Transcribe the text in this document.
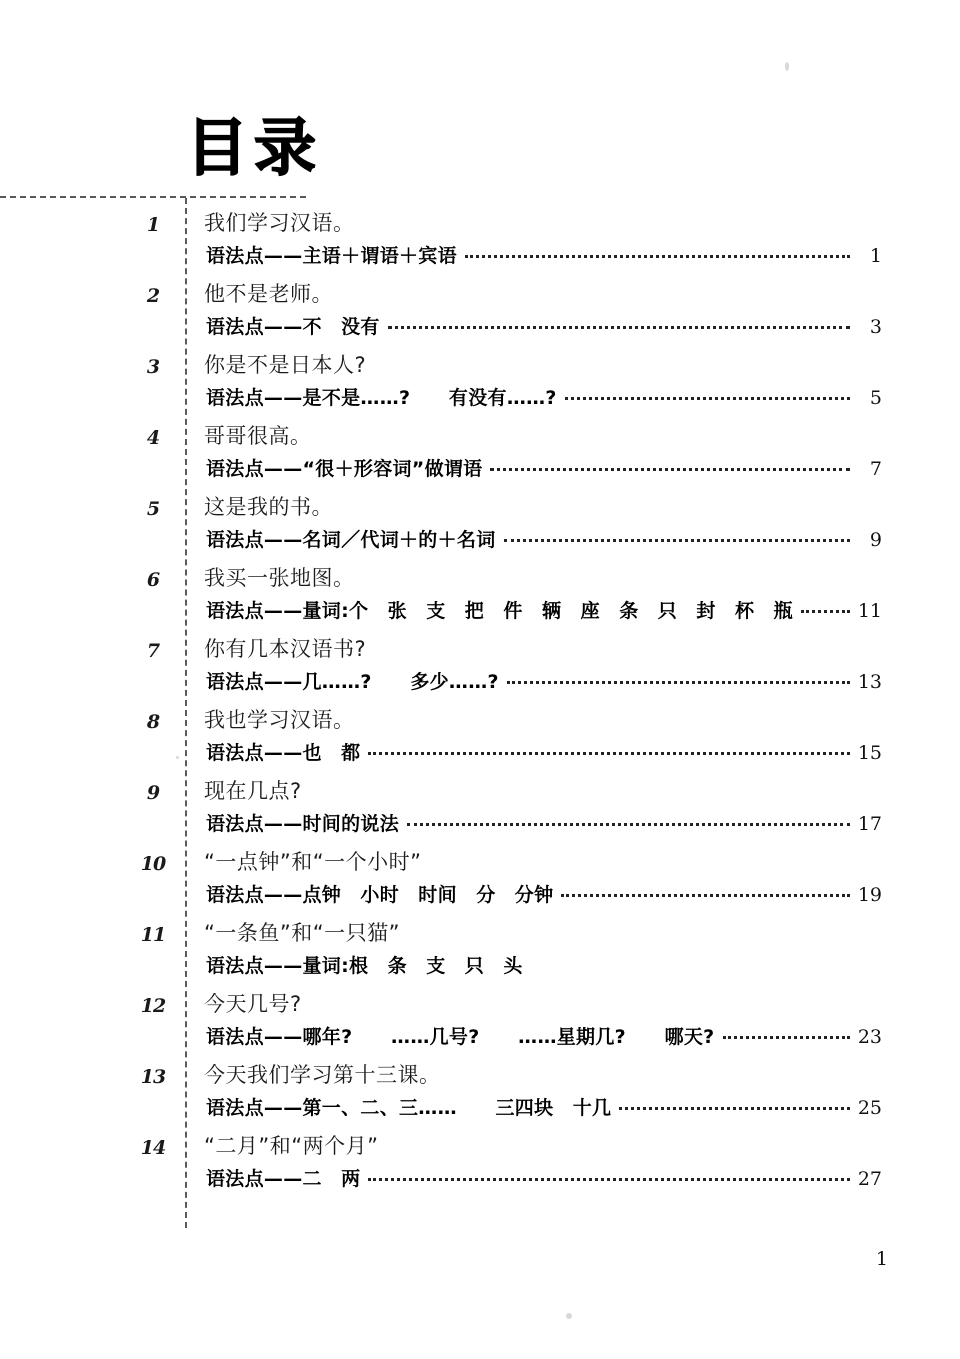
目录
1	我们学习汉语。
语法点——主语＋谓语＋宾语	1
2	他不是老师。
语法点——不　没有	3
3	你是不是日本人?
语法点——是不是……?　　有没有……?	5
4	哥哥很高。
语法点——“很＋形容词”做谓语	7
5	这是我的书。
语法点——名词／代词＋的＋名词	9
6	我买一张地图。
语法点——量词:个　张　支　把　件　辆　座　条　只　封　杯　瓶	11
7	你有几本汉语书?
语法点——几……?　　多少……?	13
8	我也学习汉语。
语法点——也　都	15
9	现在几点?
语法点——时间的说法	17
10	“一点钟”和“一个小时”
语法点——点钟　小时　时间　分　分钟	19
11	“一条鱼”和“一只猫”
语法点——量词:根　条　支　只　头
12	今天几号?
语法点——哪年?　　……几号?　　……星期几?　　哪天?	23
13	今天我们学习第十三课。
语法点——第一、二、三……　　三四块　十几	25
14	“二月”和“两个月”
语法点——二　两	27
1
